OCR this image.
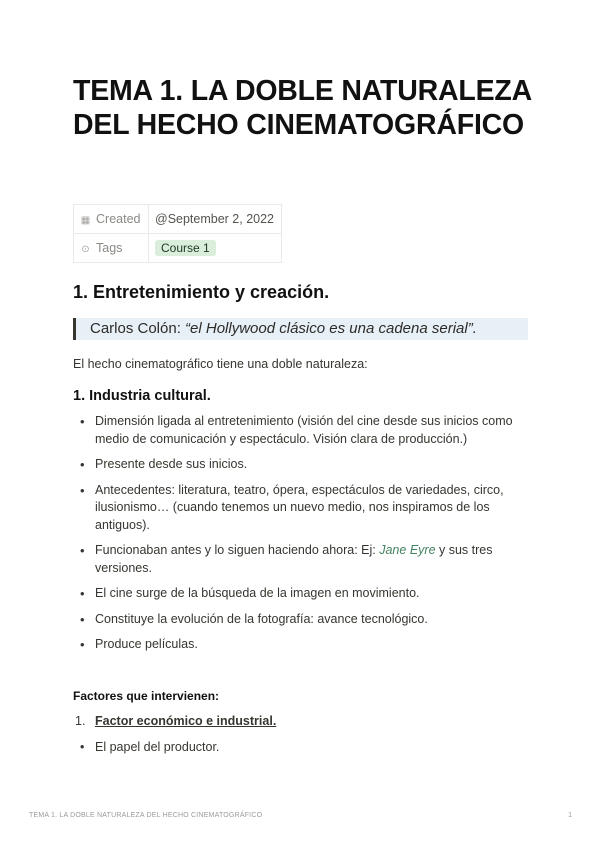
TEMA 1. LA DOBLE NATURALEZA DEL HECHO CINEMATOGRÁFICO
▦ Created	@September 2, 2022
⊙ Tags	Course 1
1. Entretenimiento y creación.
Carlos Colón: “el Hollywood clásico es una cadena serial”.

El hecho cinematográfico tiene una doble naturaleza:

1. Industria cultural.
• Dimensión ligada al entretenimiento (visión del cine desde sus inicios como medio de comunicación y espectáculo. Visión clara de producción.)
• Presente desde sus inicios.
• Antecedentes: literatura, teatro, ópera, espectáculos de variedades, circo, ilusionismo… (cuando tenemos un nuevo medio, nos inspiramos de los antiguos).
• Funcionaban antes y lo siguen haciendo ahora: Ej: Jane Eyre y sus tres versiones.
• El cine surge de la búsqueda de la imagen en movimiento.
• Constituye la evolución de la fotografía: avance tecnológico.
• Produce películas.

Factores que intervienen:

1. Factor económico e industrial.
• El papel del productor.
TEMA 1. LA DOBLE NATURALEZA DEL HECHO CINEMATOGRÁFICO	1
